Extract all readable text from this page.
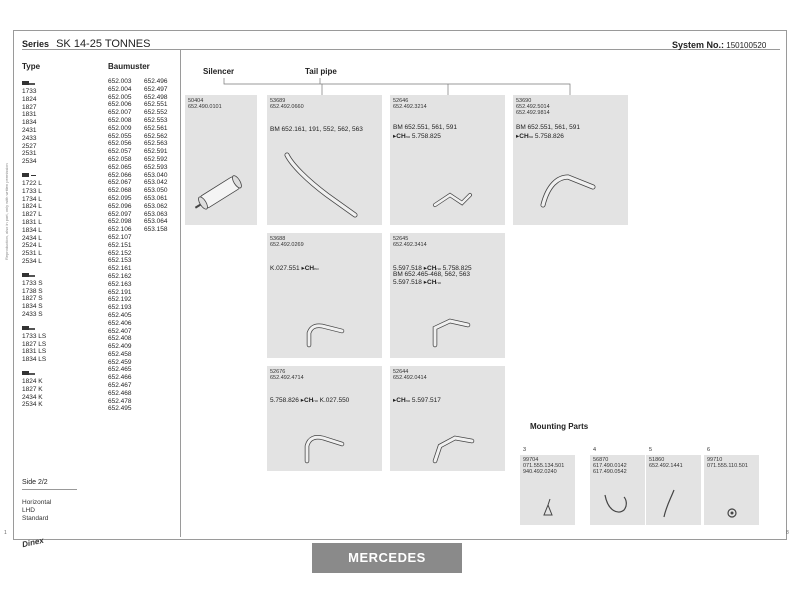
Series SK 14-25 TONNES	System No.: 150100520
Reproduction, also in part, only with written permission
Type	Baumuster
1733
1824
1827
1831
1834
2431
2433
2527
2531
2534
1722 L
1733 L
1734 L
1824 L
1827 L
1831 L
1834 L
2434 L
2524 L
2531 L
2534 L
1733 S
1738 S
1827 S
1834 S
2433 S
1733 LS
1827 LS
1831 LS
1834 LS
1824 K
1827 K
2434 K
2534 K
652.003 652.496
652.004 652.497
652.005 652.498
652.006 652.551
652.007 652.552
652.008 652.553
652.009 652.561
652.055 652.562
652.056 652.563
652.057 652.591
652.058 652.592
652.065 652.593
652.066 653.040
652.067 653.042
652.068 653.050
652.095 653.061
652.096 653.062
652.097 653.063
652.098 653.064
652.106 653.158
652.107
652.151
652.152
652.153
652.161
652.162
652.163
652.191
652.192
652.193
652.405
652.406
652.407
652.408
652.409
652.458
652.459
652.465
652.466
652.467
652.468
652.478
652.495
Side 2/2
Horizontal
LHD
Standard
Silencer	Tail pipe
50404
652.490.0101
53689
652.492.0660
BM 652.161, 191, 552, 562, 563
52646
652.492.3214
BM 652.551, 561, 591
▸CHno 5.758.825
53690
652.492.5014
652.492.9814
BM 652.551, 561, 591
▸CHno 5.758.826
53688
652.492.0269
K.027.551 ▸CHno
52645
652.492.3414
5.597.518 ▸CHno 5.758.825
BM 652.465-468, 562, 563
5.597.518 ▸CHno
52676
652.492.4714
5.758.826 ▸CHno K.027.550
52644
652.492.0414
▸CHno 5.597.517
Mounting Parts
3
99704
071.555.134.501
940.492.0240
4
56870
617.490.0142
617.490.0542
5
51860
652.492.1441
6
99710
071.555.110.501
1	8
Dinex
MERCEDES
